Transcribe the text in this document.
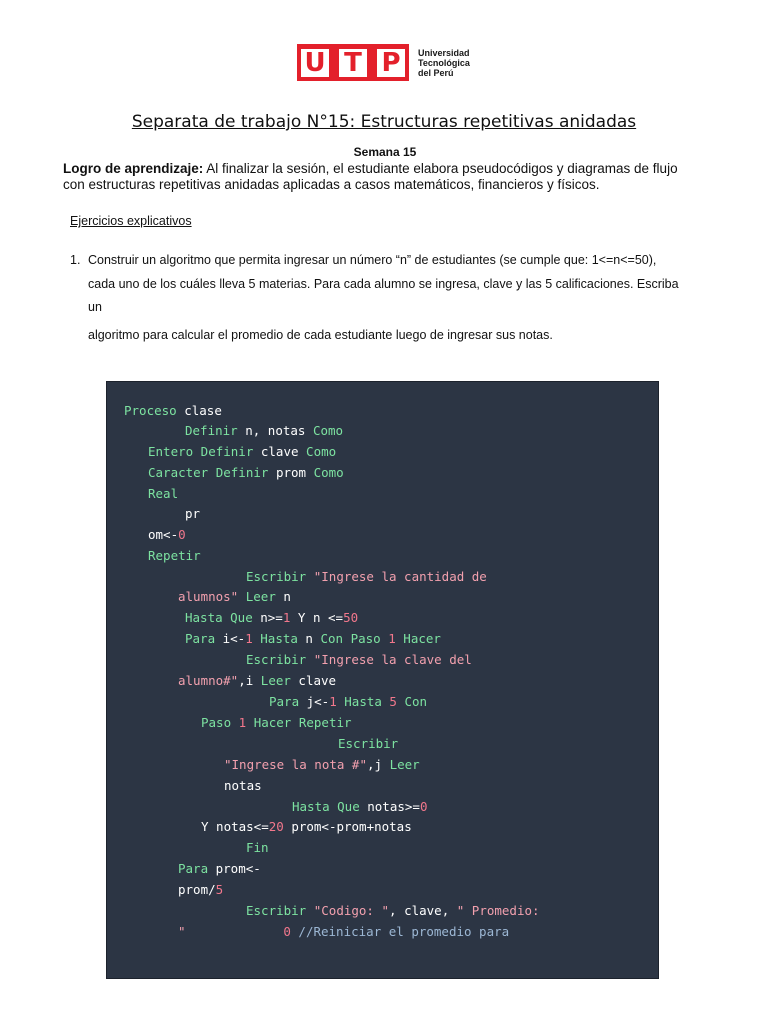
U T P	Universidad
Tecnológica
del Perú
Separata de trabajo N°15: Estructuras repetitivas anidadas
Semana 15
Logro de aprendizaje: Al finalizar la sesión, el estudiante elabora pseudocódigos y diagramas de flujo con estructuras repetitivas anidadas aplicadas a casos matemáticos, financieros y físicos.
Ejercicios explicativos
1. Construir un algoritmo que permita ingresar un número “n” de estudiantes (se cumple que: 1<=n<=50),
cada uno de los cuáles lleva 5 materias. Para cada alumno se ingresa, clave y las 5 calificaciones. Escriba
un
algoritmo para calcular el promedio de cada estudiante luego de ingresar sus notas.
Proceso clase
Definir n, notas Como
Entero Definir clave Como
Caracter Definir prom Como
Real
pr
om<-0
Repetir
Escribir "Ingrese la cantidad de
alumnos" Leer n
Hasta Que n>=1 Y n <=50
Para i<-1 Hasta n Con Paso 1 Hacer
Escribir "Ingrese la clave del
alumno#",i Leer clave
Para j<-1 Hasta 5 Con
Paso 1 Hacer Repetir
Escribir
"Ingrese la nota #",j Leer
notas
Hasta Que notas>=0
Y notas<=20 prom<-prom+notas
Fin
Para prom<-
prom/5
Escribir "Codigo: ", clave, " Promedio:
"	0 //Reiniciar el promedio para
